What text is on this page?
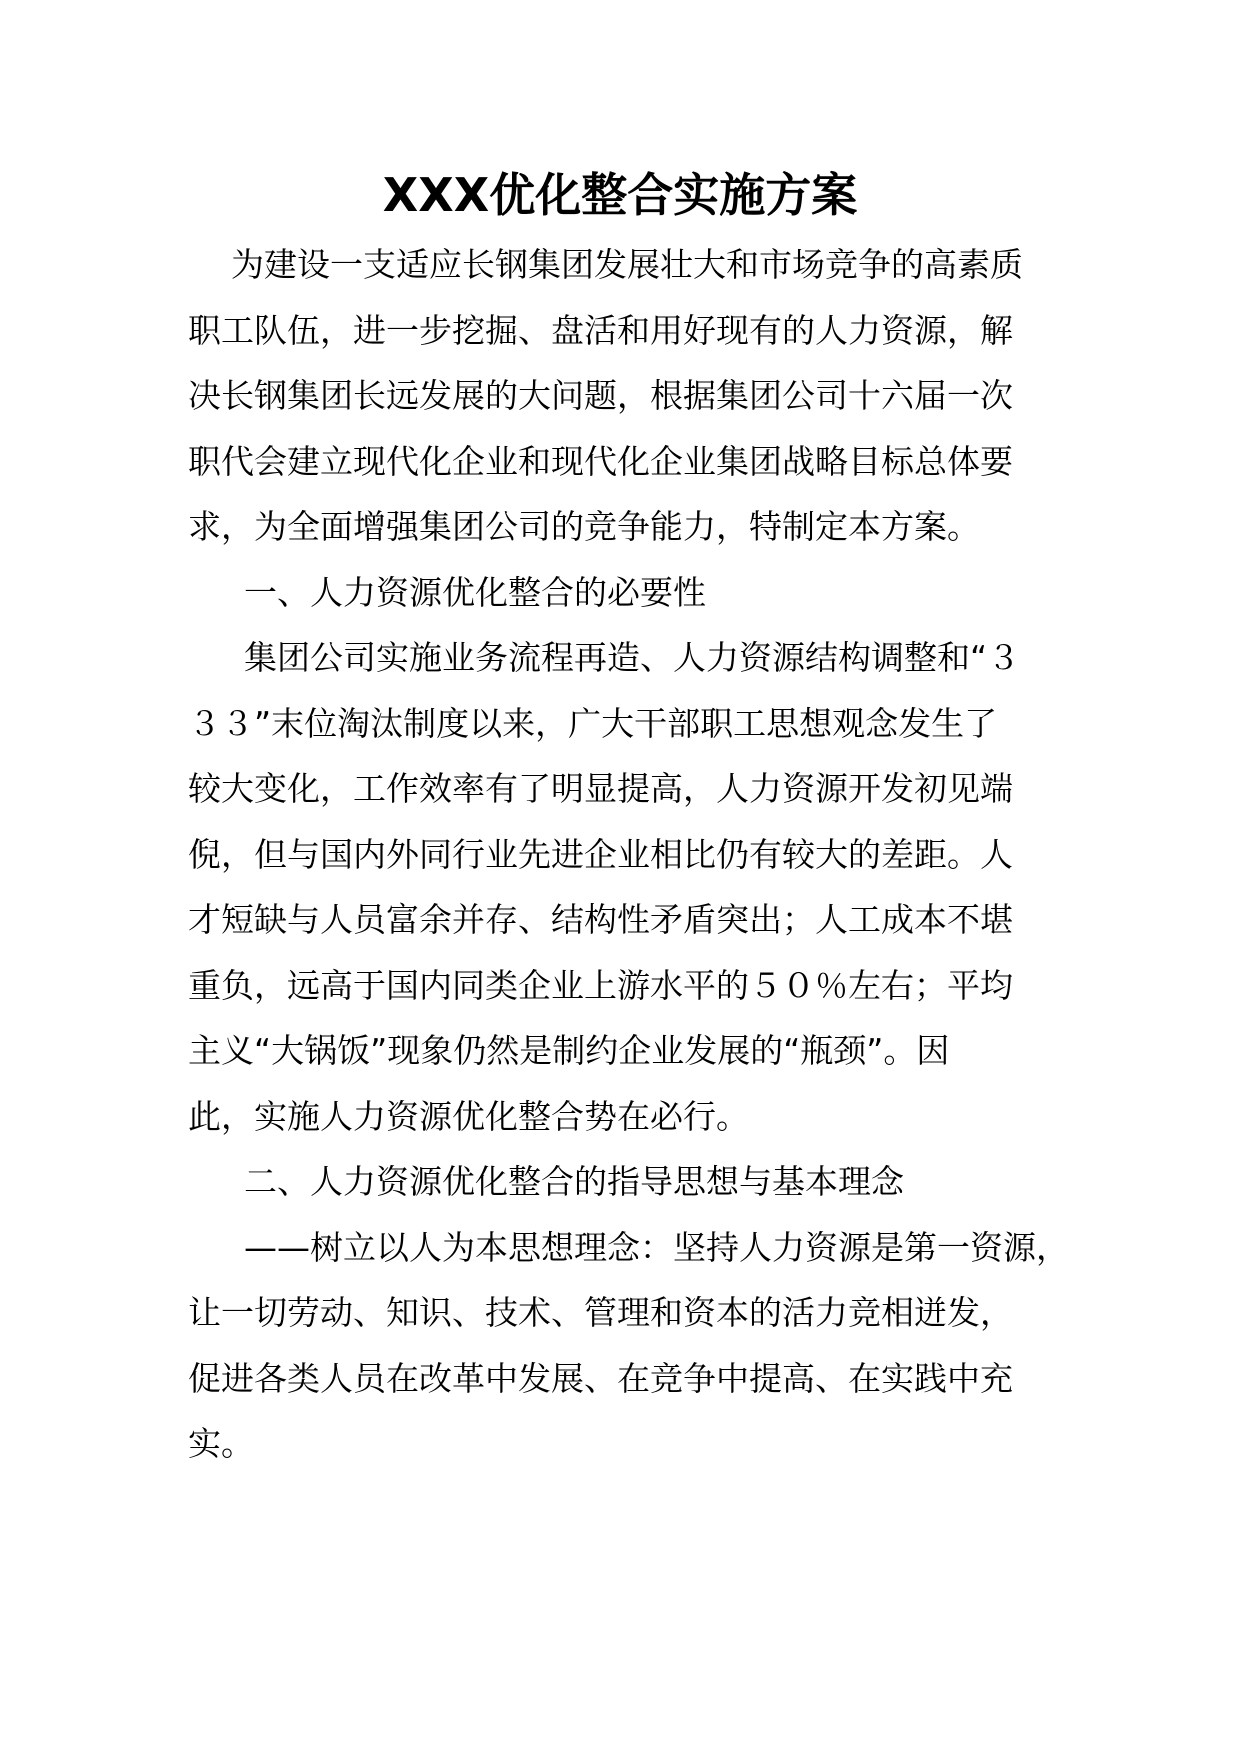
XXX优化整合实施方案
为建设一支适应长钢集团发展壮大和市场竞争的高素质
职工队伍，进一步挖掘、盘活和用好现有的人力资源，解
决长钢集团长远发展的大问题，根据集团公司十六届一次
职代会建立现代化企业和现代化企业集团战略目标总体要
求，为全面增强集团公司的竞争能力，特制定本方案。
一、人力资源优化整合的必要性
集团公司实施业务流程再造、人力资源结构调整和“３
３３”末位淘汰制度以来，广大干部职工思想观念发生了
较大变化，工作效率有了明显提高，人力资源开发初见端
倪，但与国内外同行业先进企业相比仍有较大的差距。人
才短缺与人员富余并存、结构性矛盾突出；人工成本不堪
重负，远高于国内同类企业上游水平的５０％左右；平均
主义“大锅饭”现象仍然是制约企业发展的“瓶颈”。因
此，实施人力资源优化整合势在必行。
二、人力资源优化整合的指导思想与基本理念
——树立以人为本思想理念：坚持人力资源是第一资源，
让一切劳动、知识、技术、管理和资本的活力竞相迸发，
促进各类人员在改革中发展、在竞争中提高、在实践中充
实。
